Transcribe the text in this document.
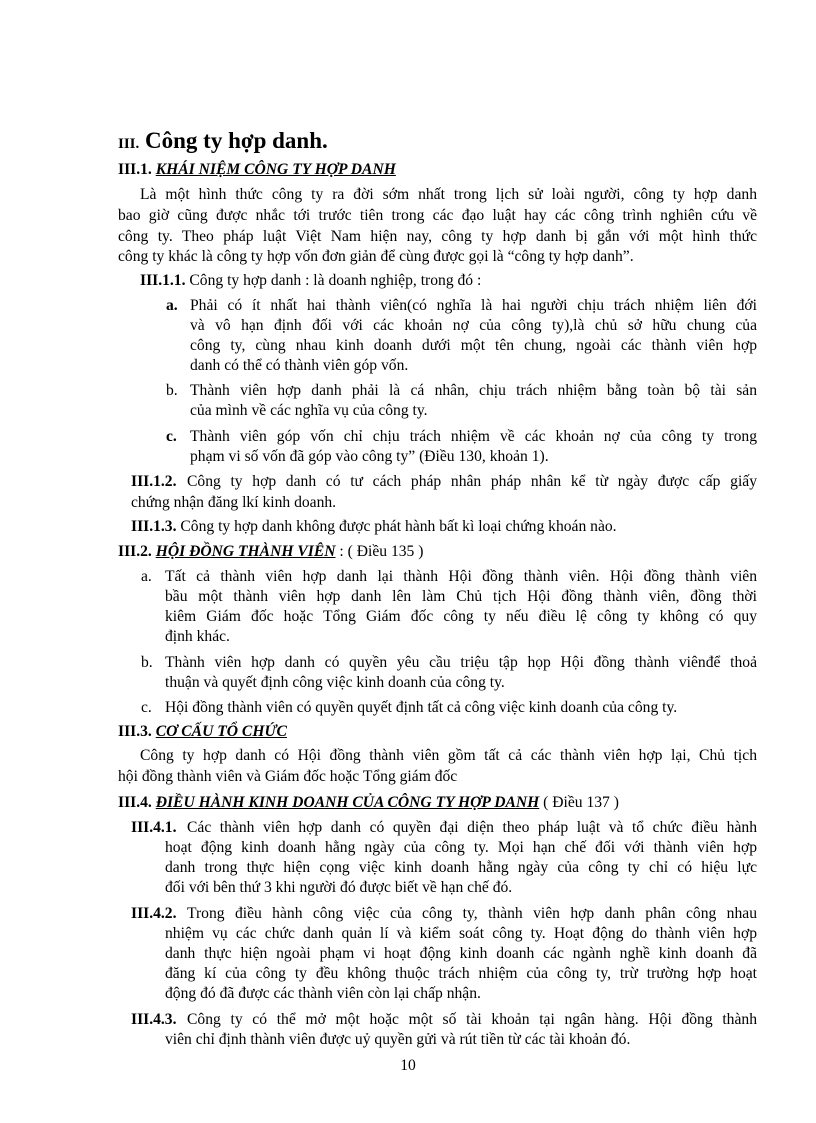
III. Công ty hợp danh.
III.1. KHÁI NIỆM CÔNG TY HỢP DANH
Là một hình thức công ty ra đời sớm nhất trong lịch sử loài người, công ty hợp danh
bao giờ cũng được nhắc tới trước tiên trong các đạo luật hay các công trình nghiên cứu về
công ty. Theo pháp luật Việt Nam hiện nay, công ty hợp danh bị gắn với một hình thức
công ty khác là công ty hợp vốn đơn giản để cùng được gọi là “công ty hợp danh”.
III.1.1. Công ty hợp danh : là doanh nghiệp, trong đó :
a. Phải có ít nhất hai thành viên(có nghĩa là hai người chịu trách nhiệm liên đới
và vô hạn định đối với các khoản nợ của công ty),là chủ sở hữu chung của
công ty, cùng nhau kinh doanh dưới một tên chung, ngoài các thành viên hợp
danh có thể có thành viên góp vốn.
b. Thành viên hợp danh phải là cá nhân, chịu trách nhiệm bằng toàn bộ tài sản
của mình về các nghĩa vụ của công ty.
c. Thành viên góp vốn chỉ chịu trách nhiệm về các khoản nợ của công ty trong
phạm vi số vốn đã góp vào công ty” (Điều 130, khoản 1).
III.1.2. Công ty hợp danh có tư cách pháp nhân pháp nhân kể từ ngày được cấp giấy
chứng nhận đăng lkí kinh doanh.
III.1.3. Công ty hợp danh không được phát hành bất kì loại chứng khoán nào.
III.2. HỘI ĐỒNG THÀNH VIÊN : ( Điều 135 )
a. Tất cả thành viên hợp danh lại thành Hội đồng thành viên. Hội đồng thành viên
bầu một thành viên hợp danh lên làm Chủ tịch Hội đồng thành viên, đồng thời
kiêm Giám đốc hoặc Tổng Giám đốc công ty nếu điều lệ công ty không có quy
định khác.
b. Thành viên hợp danh có quyền yêu cầu triệu tập họp Hội đồng thành viênđể thoả
thuận và quyết định công việc kinh doanh của công ty.
c. Hội đồng thành viên có quyền quyết định tất cả công việc kinh doanh của công ty.
III.3. CƠ CẤU TỔ CHỨC
Công ty hợp danh có Hội đồng thành viên gồm tất cả các thành viên hợp lại, Chủ tịch
hội đồng thành viên và Giám đốc hoặc Tổng giám đốc
III.4. ĐIỀU HÀNH KINH DOANH CỦA CÔNG TY HỢP DANH ( Điều 137 )
III.4.1. Các thành viên hợp danh có quyền đại diện theo pháp luật và tổ chức điều hành
hoạt động kinh doanh hằng ngày của công ty. Mọi hạn chế đối với thành viên hợp
danh trong thực hiện cọng việc kinh doanh hằng ngày của công ty chỉ có hiệu lực
đối với bên thứ 3 khi người đó được biết về hạn chế đó.
III.4.2. Trong điều hành công việc của công ty, thành viên hợp danh phân công nhau
nhiệm vụ các chức danh quản lí và kiểm soát công ty. Hoạt động do thành viên hợp
danh thực hiện ngoài phạm vi hoạt động kinh doanh các ngành nghề kinh doanh đã
đăng kí của công ty đều không thuộc trách nhiệm của công ty, trừ trường hợp hoạt
động đó đã được các thành viên còn lại chấp nhận.
III.4.3. Công ty có thể mở một hoặc một số tài khoản tại ngân hàng. Hội đồng thành
viên chỉ định thành viên được uỷ quyền gửi và rút tiền từ các tài khoản đó.
10
